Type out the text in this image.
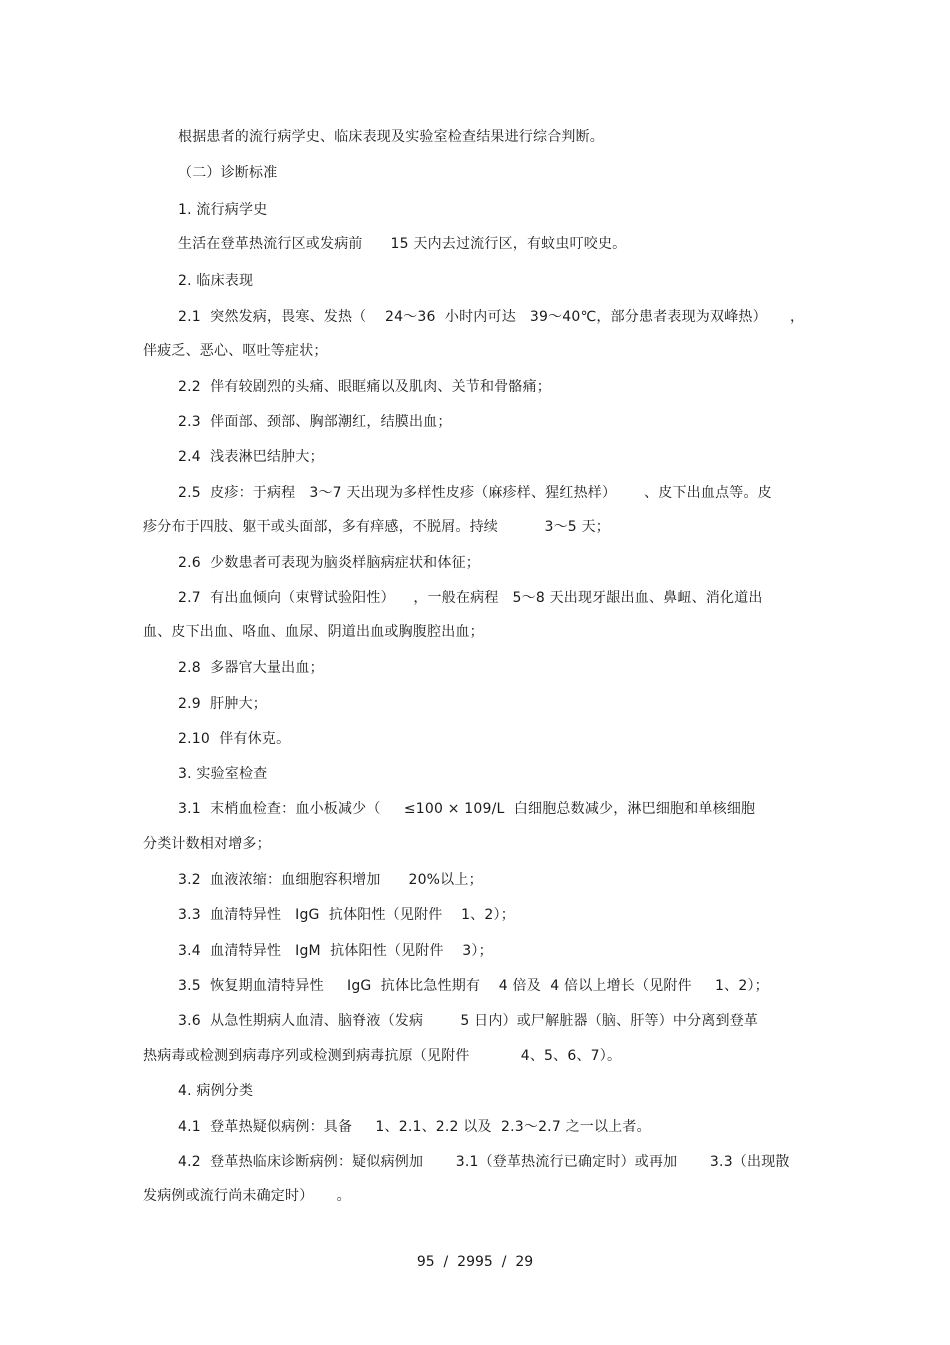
根据患者的流行病学史、临床表现及实验室检查结果进行综合判断。
（二）诊断标准
1. 流行病学史
生活在登革热流行区或发病前      15 天内去过流行区，有蚊虫叮咬史。
2. 临床表现
2.1  突然发病，畏寒、发热（    24～36  小时内可达   39～40℃，部分患者表现为双峰热）     ，
伴疲乏、恶心、呕吐等症状；
2.2  伴有较剧烈的头痛、眼眶痛以及肌肉、关节和骨骼痛；
2.3  伴面部、颈部、胸部潮红，结膜出血；
2.4  浅表淋巴结肿大；
2.5  皮疹：于病程   3～7 天出现为多样性皮疹（麻疹样、猩红热样）      、皮下出血点等。皮
疹分布于四肢、躯干或头面部，多有痒感，不脱屑。持续          3～5 天；
2.6  少数患者可表现为脑炎样脑病症状和体征；
2.7  有出血倾向（束臂试验阳性）    ，一般在病程   5～8 天出现牙龈出血、鼻衄、消化道出
血、皮下出血、咯血、血尿、阴道出血或胸腹腔出血；
2.8  多器官大量出血；
2.9  肝肿大；
2.10  伴有休克。
3. 实验室检查
3.1  末梢血检查：血小板减少（     ≤100 × 109/L  白细胞总数减少，淋巴细胞和单核细胞
分类计数相对增多；
3.2  血液浓缩：血细胞容积增加      20%以上；
3.3  血清特异性   IgG  抗体阳性（见附件    1、2）；
3.4  血清特异性   IgM  抗体阳性（见附件    3）；
3.5  恢复期血清特异性     IgG  抗体比急性期有    4 倍及  4 倍以上增长（见附件     1、2）；
3.6  从急性期病人血清、脑脊液（发病        5 日内）或尸解脏器（脑、肝等）中分离到登革
热病毒或检测到病毒序列或检测到病毒抗原（见附件           4、5、6、7）。
4. 病例分类
4.1  登革热疑似病例：具备     1、2.1、2.2 以及  2.3～2.7 之一以上者。
4.2  登革热临床诊断病例：疑似病例加       3.1（登革热流行已确定时）或再加       3.3（出现散
发病例或流行尚未确定时）     。
95  /  2995  /  29
